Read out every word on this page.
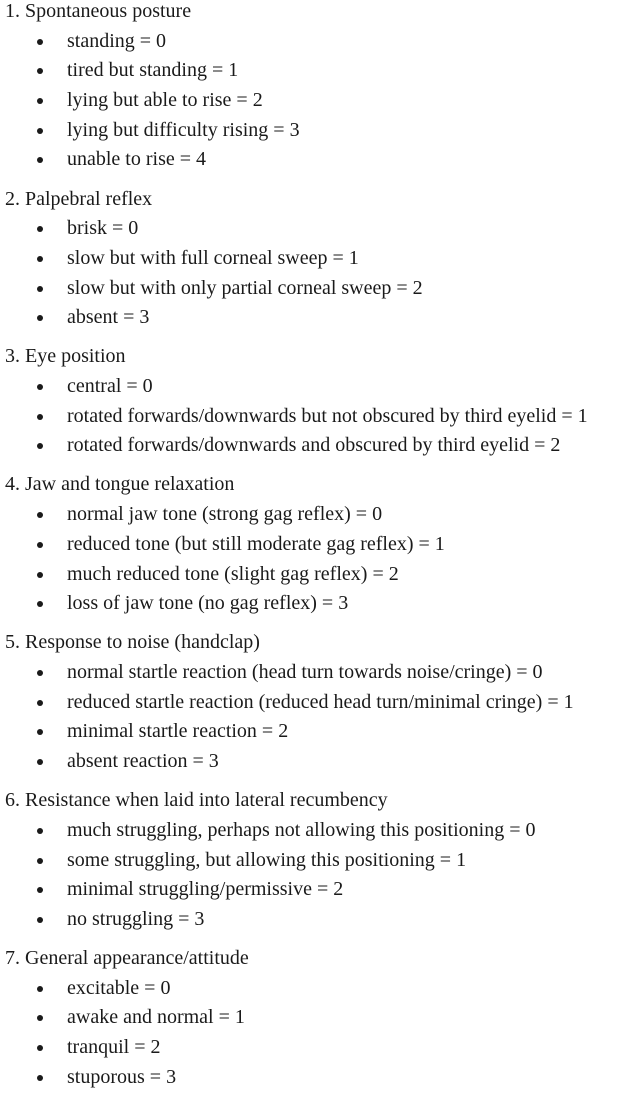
1. Spontaneous posture
standing = 0
tired but standing = 1
lying but able to rise = 2
lying but difficulty rising = 3
unable to rise = 4
2. Palpebral reflex
brisk = 0
slow but with full corneal sweep = 1
slow but with only partial corneal sweep = 2
absent = 3
3. Eye position
central = 0
rotated forwards/downwards but not obscured by third eyelid = 1
rotated forwards/downwards and obscured by third eyelid = 2
4. Jaw and tongue relaxation
normal jaw tone (strong gag reflex) = 0
reduced tone (but still moderate gag reflex) = 1
much reduced tone (slight gag reflex) = 2
loss of jaw tone (no gag reflex) = 3
5. Response to noise (handclap)
normal startle reaction (head turn towards noise/cringe) = 0
reduced startle reaction (reduced head turn/minimal cringe) = 1
minimal startle reaction = 2
absent reaction = 3
6. Resistance when laid into lateral recumbency
much struggling, perhaps not allowing this positioning = 0
some struggling, but allowing this positioning = 1
minimal struggling/permissive = 2
no struggling = 3
7. General appearance/attitude
excitable = 0
awake and normal = 1
tranquil = 2
stuporous = 3
